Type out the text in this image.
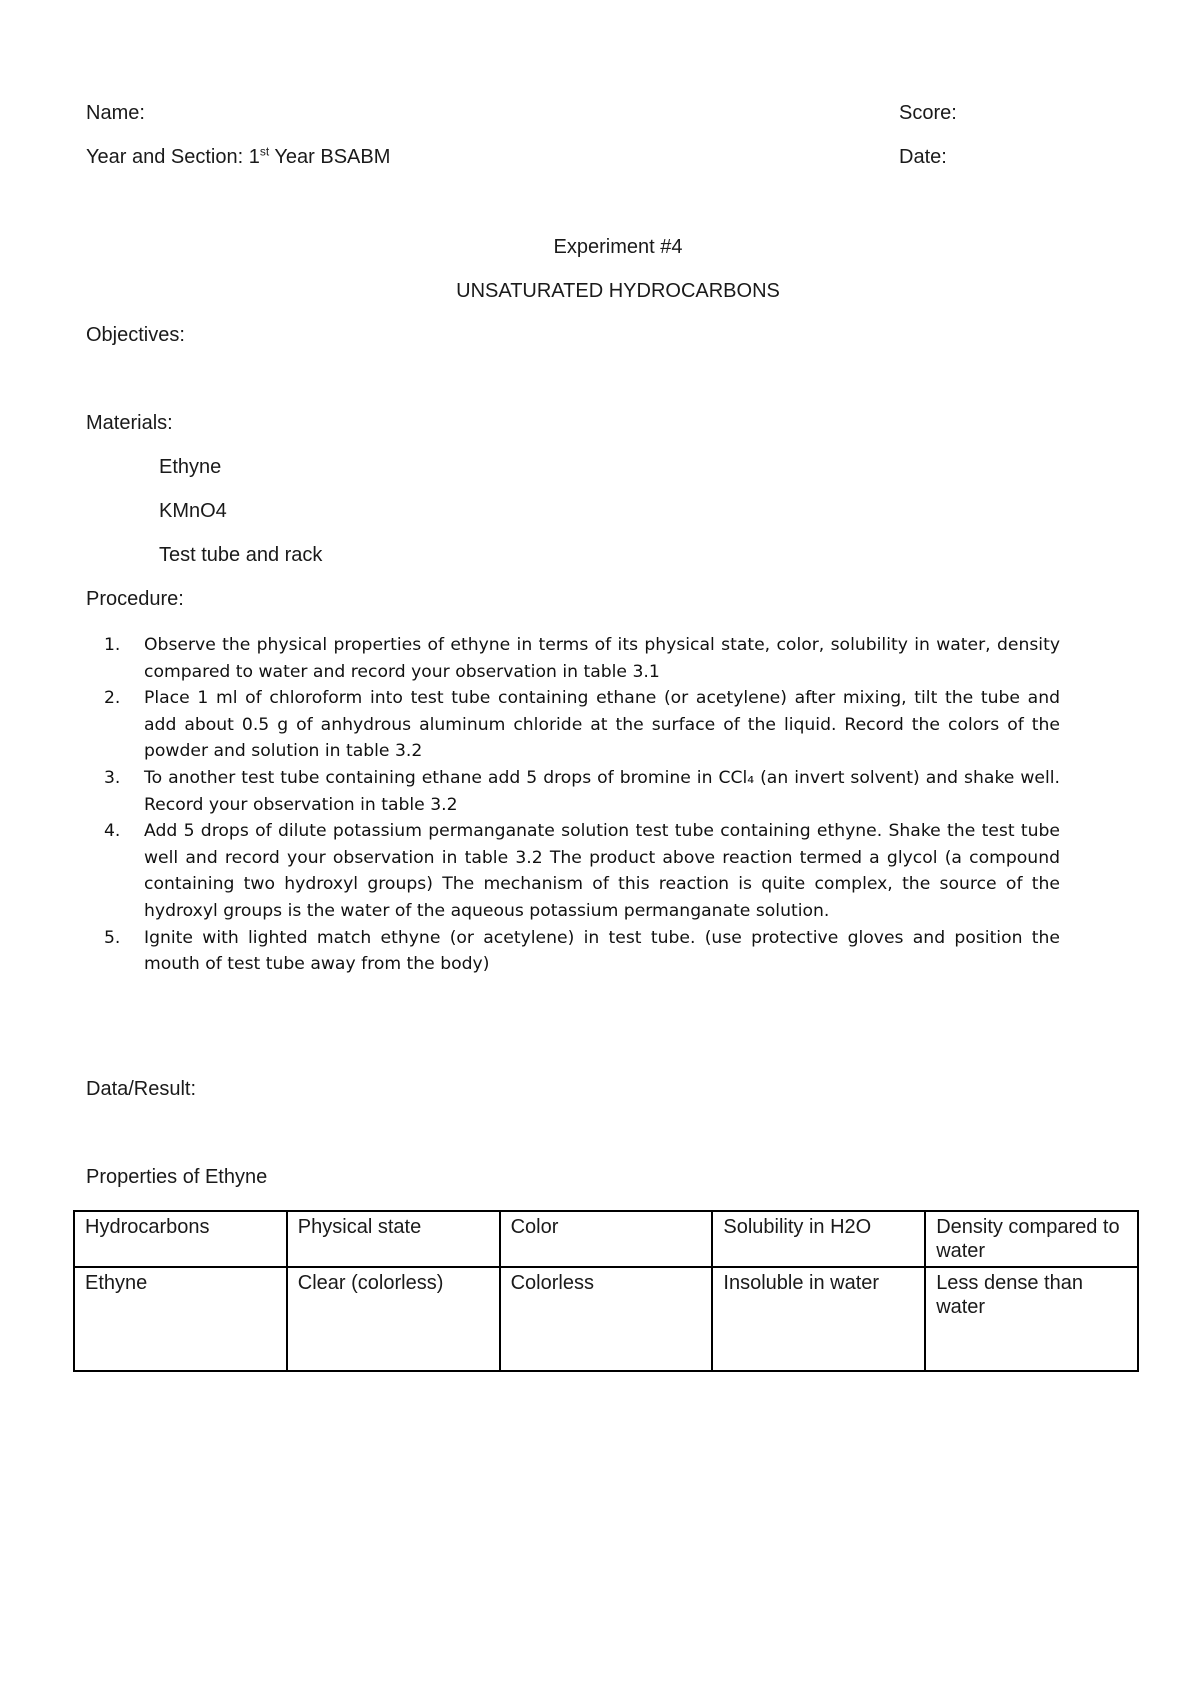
Name:	Score:
Year and Section: 1st Year BSABM	Date:
Experiment #4
UNSATURATED HYDROCARBONS
Objectives:
Materials:
Ethyne
KMnO4
Test tube and rack
Procedure:
1.	Observe the physical properties of ethyne in terms of its physical state, color, solubility in water, density compared to water and record your observation in table 3.1
2.	Place 1 ml of chloroform into test tube containing ethane (or acetylene) after mixing, tilt the tube and add about 0.5 g of anhydrous aluminum chloride at the surface of the liquid. Record the colors of the powder and solution in table 3.2
3.	To another test tube containing ethane add 5 drops of bromine in CCl₄ (an invert solvent) and shake well. Record your observation in table 3.2
4.	Add 5 drops of dilute potassium permanganate solution test tube containing ethyne. Shake the test tube well and record your observation in table 3.2 The product above reaction termed a glycol (a compound containing two hydroxyl groups) The mechanism of this reaction is quite complex, the source of the hydroxyl groups is the water of the aqueous potassium permanganate solution.
5.	Ignite with lighted match ethyne (or acetylene) in test tube. (use protective gloves and position the mouth of test tube away from the body)
Data/Result:
Properties of Ethyne
Hydrocarbons	Physical state	Color	Solubility in H2O	Density compared to water
Ethyne	Clear (colorless)	Colorless	Insoluble in water	Less dense than water
